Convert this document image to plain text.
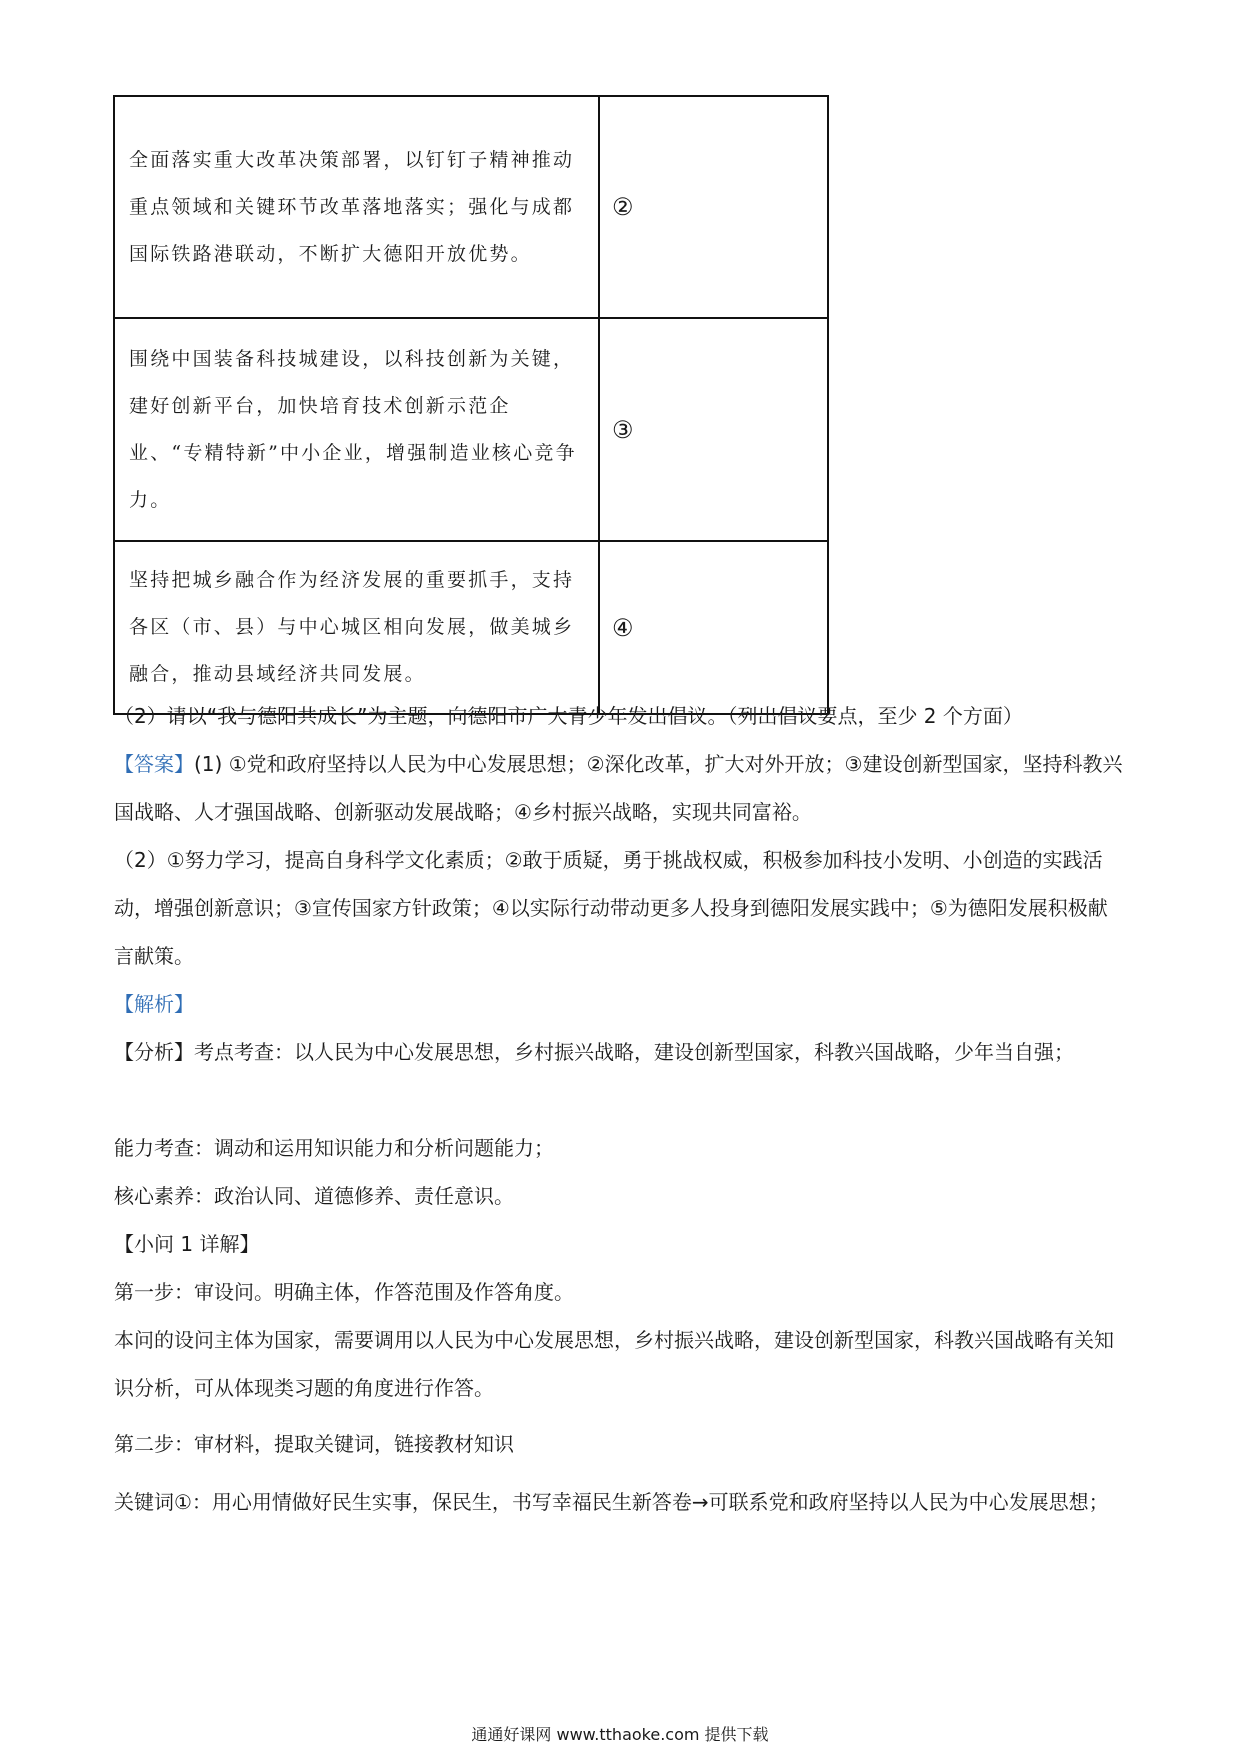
全面落实重大改革决策部署，以钉钉子精神推动重点领域和关键环节改革落地落实；强化与成都国际铁路港联动，不断扩大德阳开放优势。	②
围绕中国装备科技城建设，以科技创新为关键，建好创新平台，加快培育技术创新示范企业、“专精特新”中小企业，增强制造业核心竞争力。	③
坚持把城乡融合作为经济发展的重要抓手，支持各区（市、县）与中心城区相向发展，做美城乡融合，推动县域经济共同发展。	④

（2）请以“我与德阳共成长”为主题，向德阳市广大青少年发出倡议。（列出倡议要点，至少 2 个方面）

【答案】(1) ①党和政府坚持以人民为中心发展思想；②深化改革，扩大对外开放；③建设创新型国家，坚持科教兴国战略、人才强国战略、创新驱动发展战略；④乡村振兴战略，实现共同富裕。

（2）①努力学习，提高自身科学文化素质；②敢于质疑，勇于挑战权威，积极参加科技小发明、小创造的实践活动，增强创新意识；③宣传国家方针政策；④以实际行动带动更多人投身到德阳发展实践中；⑤为德阳发展积极献言献策。

【解析】

【分析】考点考查：以人民为中心发展思想，乡村振兴战略，建设创新型国家，科教兴国战略，少年当自强；

能力考查：调动和运用知识能力和分析问题能力；

核心素养：政治认同、道德修养、责任意识。

【小问 1 详解】

第一步：审设问。明确主体，作答范围及作答角度。

本问的设问主体为国家，需要调用以人民为中心发展思想，乡村振兴战略，建设创新型国家，科教兴国战略有关知识分析，可从体现类习题的角度进行作答。

第二步：审材料，提取关键词，链接教材知识

关键词①：用心用情做好民生实事，保民生，书写幸福民生新答卷→可联系党和政府坚持以人民为中心发展思想；

通通好课网 www.tthaoke.com 提供下载
